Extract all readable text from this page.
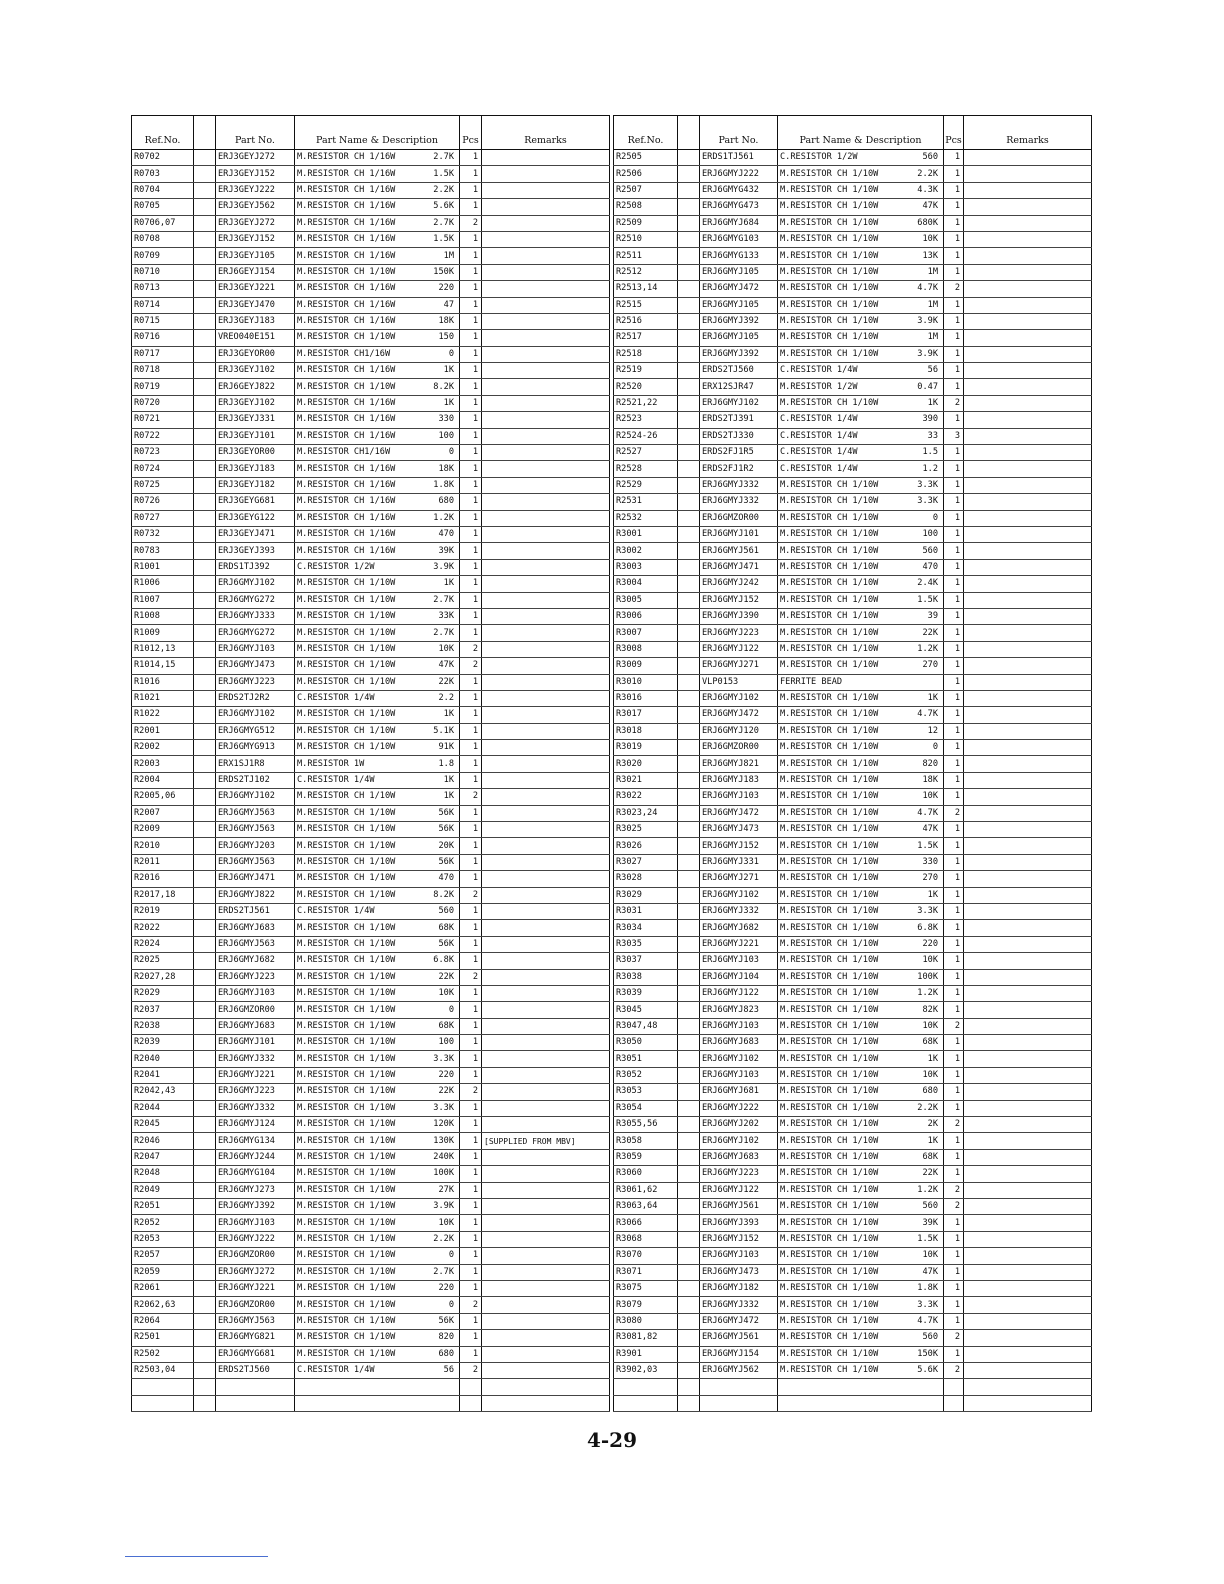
Ref.No.		Part No.	Part Name & Description	Pcs	Remarks
R0702		ERJ3GEYJ272	M.RESISTOR CH 1/16W 2.7K	1	
R0703		ERJ3GEYJ152	M.RESISTOR CH 1/16W 1.5K	1	
R0704		ERJ3GEYJ222	M.RESISTOR CH 1/16W 2.2K	1	
R0705		ERJ3GEYJ562	M.RESISTOR CH 1/16W 5.6K	1	
R0706,07		ERJ3GEYJ272	M.RESISTOR CH 1/16W 2.7K	2	
R0708		ERJ3GEYJ152	M.RESISTOR CH 1/16W 1.5K	1	
R0709		ERJ3GEYJ105	M.RESISTOR CH 1/16W 1M	1	
R0710		ERJ6GEYJ154	M.RESISTOR CH 1/10W 150K	1	
R0713		ERJ3GEYJ221	M.RESISTOR CH 1/16W 220	1	
R0714		ERJ3GEYJ470	M.RESISTOR CH 1/16W 47	1	
R0715		ERJ3GEYJ183	M.RESISTOR CH 1/16W 18K	1	
R0716		VREO040E151	M.RESISTOR CH 1/10W 150	1	
R0717		ERJ3GEYOR00	M.RESISTOR CH1/16W 0	1	
R0718		ERJ3GEYJ102	M.RESISTOR CH 1/16W 1K	1	
R0719		ERJ6GEYJ822	M.RESISTOR CH 1/10W 8.2K	1	
R0720		ERJ3GEYJ102	M.RESISTOR CH 1/16W 1K	1	
R0721		ERJ3GEYJ331	M.RESISTOR CH 1/16W 330	1	
R0722		ERJ3GEYJ101	M.RESISTOR CH 1/16W 100	1	
R0723		ERJ3GEYOR00	M.RESISTOR CH1/16W 0	1	
R0724		ERJ3GEYJ183	M.RESISTOR CH 1/16W 18K	1	
R0725		ERJ3GEYJ182	M.RESISTOR CH 1/16W 1.8K	1	
R0726		ERJ3GEYG681	M.RESISTOR CH 1/16W 680	1	
R0727		ERJ3GEYG122	M.RESISTOR CH 1/16W 1.2K	1	
R0732		ERJ3GEYJ471	M.RESISTOR CH 1/16W 470	1	
R0783		ERJ3GEYJ393	M.RESISTOR CH 1/16W 39K	1	
R1001		ERDS1TJ392	C.RESISTOR 1/2W 3.9K	1	
R1006		ERJ6GMYJ102	M.RESISTOR CH 1/10W 1K	1	
R1007		ERJ6GMYG272	M.RESISTOR CH 1/10W 2.7K	1	
R1008		ERJ6GMYJ333	M.RESISTOR CH 1/10W 33K	1	
R1009		ERJ6GMYG272	M.RESISTOR CH 1/10W 2.7K	1	
R1012,13		ERJ6GMYJ103	M.RESISTOR CH 1/10W 10K	2	
R1014,15		ERJ6GMYJ473	M.RESISTOR CH 1/10W 47K	2	
R1016		ERJ6GMYJ223	M.RESISTOR CH 1/10W 22K	1	
R1021		ERDS2TJ2R2	C.RESISTOR 1/4W 2.2	1	
R1022		ERJ6GMYJ102	M.RESISTOR CH 1/10W 1K	1	
R2001		ERJ6GMYG512	M.RESISTOR CH 1/10W 5.1K	1	
R2002		ERJ6GMYG913	M.RESISTOR CH 1/10W 91K	1	
R2003		ERX1SJ1R8	M.RESISTOR 1W 1.8	1	
R2004		ERDS2TJ102	C.RESISTOR 1/4W 1K	1	
R2005,06		ERJ6GMYJ102	M.RESISTOR CH 1/10W 1K	2	
R2007		ERJ6GMYJ563	M.RESISTOR CH 1/10W 56K	1	
R2009		ERJ6GMYJ563	M.RESISTOR CH 1/10W 56K	1	
R2010		ERJ6GMYJ203	M.RESISTOR CH 1/10W 20K	1	
R2011		ERJ6GMYJ563	M.RESISTOR CH 1/10W 56K	1	
R2016		ERJ6GMYJ471	M.RESISTOR CH 1/10W 470	1	
R2017,18		ERJ6GMYJ822	M.RESISTOR CH 1/10W 8.2K	2	
R2019		ERDS2TJ561	C.RESISTOR 1/4W 560	1	
R2022		ERJ6GMYJ683	M.RESISTOR CH 1/10W 68K	1	
R2024		ERJ6GMYJ563	M.RESISTOR CH 1/10W 56K	1	
R2025		ERJ6GMYJ682	M.RESISTOR CH 1/10W 6.8K	1	
R2027,28		ERJ6GMYJ223	M.RESISTOR CH 1/10W 22K	2	
R2029		ERJ6GMYJ103	M.RESISTOR CH 1/10W 10K	1	
R2037		ERJ6GMZOR00	M.RESISTOR CH 1/10W 0	1	
R2038		ERJ6GMYJ683	M.RESISTOR CH 1/10W 68K	1	
R2039		ERJ6GMYJ101	M.RESISTOR CH 1/10W 100	1	
R2040		ERJ6GMYJ332	M.RESISTOR CH 1/10W 3.3K	1	
R2041		ERJ6GMYJ221	M.RESISTOR CH 1/10W 220	1	
R2042,43		ERJ6GMYJ223	M.RESISTOR CH 1/10W 22K	2	
R2044		ERJ6GMYJ332	M.RESISTOR CH 1/10W 3.3K	1	
R2045		ERJ6GMYJ124	M.RESISTOR CH 1/10W 120K	1	
R2046		ERJ6GMYG134	M.RESISTOR CH 1/10W 130K	1	[SUPPLIED FROM MBV]
R2047		ERJ6GMYJ244	M.RESISTOR CH 1/10W 240K	1	
R2048		ERJ6GMYG104	M.RESISTOR CH 1/10W 100K	1	
R2049		ERJ6GMYJ273	M.RESISTOR CH 1/10W 27K	1	
R2051		ERJ6GMYJ392	M.RESISTOR CH 1/10W 3.9K	1	
R2052		ERJ6GMYJ103	M.RESISTOR CH 1/10W 10K	1	
R2053		ERJ6GMYJ222	M.RESISTOR CH 1/10W 2.2K	1	
R2057		ERJ6GMZOR00	M.RESISTOR CH 1/10W 0	1	
R2059		ERJ6GMYJ272	M.RESISTOR CH 1/10W 2.7K	1	
R2061		ERJ6GMYJ221	M.RESISTOR CH 1/10W 220	1	
R2062,63		ERJ6GMZOR00	M.RESISTOR CH 1/10W 0	2	
R2064		ERJ6GMYJ563	M.RESISTOR CH 1/10W 56K	1	
R2501		ERJ6GMYG821	M.RESISTOR CH 1/10W 820	1	
R2502		ERJ6GMYG681	M.RESISTOR CH 1/10W 680	1	
R2503,04		ERDS2TJ560	C.RESISTOR 1/4W 56	2	

Ref.No.		Part No.	Part Name & Description	Pcs	Remarks
R2505		ERDS1TJ561	C.RESISTOR 1/2W 560	1	
R2506		ERJ6GMYJ222	M.RESISTOR CH 1/10W 2.2K	1	
R2507		ERJ6GMYG432	M.RESISTOR CH 1/10W 4.3K	1	
R2508		ERJ6GMYG473	M.RESISTOR CH 1/10W 47K	1	
R2509		ERJ6GMYJ684	M.RESISTOR CH 1/10W 680K	1	
R2510		ERJ6GMYG103	M.RESISTOR CH 1/10W 10K	1	
R2511		ERJ6GMYG133	M.RESISTOR CH 1/10W 13K	1	
R2512		ERJ6GMYJ105	M.RESISTOR CH 1/10W 1M	1	
R2513,14		ERJ6GMYJ472	M.RESISTOR CH 1/10W 4.7K	2	
R2515		ERJ6GMYJ105	M.RESISTOR CH 1/10W 1M	1	
R2516		ERJ6GMYJ392	M.RESISTOR CH 1/10W 3.9K	1	
R2517		ERJ6GMYJ105	M.RESISTOR CH 1/10W 1M	1	
R2518		ERJ6GMYJ392	M.RESISTOR CH 1/10W 3.9K	1	
R2519		ERDS2TJ560	C.RESISTOR 1/4W 56	1	
R2520		ERX12SJR47	M.RESISTOR 1/2W 0.47	1	
R2521,22		ERJ6GMYJ102	M.RESISTOR CH 1/10W 1K	2	
R2523		ERDS2TJ391	C.RESISTOR 1/4W 390	1	
R2524-26		ERDS2TJ330	C.RESISTOR 1/4W 33	3	
R2527		ERDS2FJ1R5	C.RESISTOR 1/4W 1.5	1	
R2528		ERDS2FJ1R2	C.RESISTOR 1/4W 1.2	1	
R2529		ERJ6GMYJ332	M.RESISTOR CH 1/10W 3.3K	1	
R2531		ERJ6GMYJ332	M.RESISTOR CH 1/10W 3.3K	1	
R2532		ERJ6GMZOR00	M.RESISTOR CH 1/10W 0	1	
R3001		ERJ6GMYJ101	M.RESISTOR CH 1/10W 100	1	
R3002		ERJ6GMYJ561	M.RESISTOR CH 1/10W 560	1	
R3003		ERJ6GMYJ471	M.RESISTOR CH 1/10W 470	1	
R3004		ERJ6GMYJ242	M.RESISTOR CH 1/10W 2.4K	1	
R3005		ERJ6GMYJ152	M.RESISTOR CH 1/10W 1.5K	1	
R3006		ERJ6GMYJ390	M.RESISTOR CH 1/10W 39	1	
R3007		ERJ6GMYJ223	M.RESISTOR CH 1/10W 22K	1	
R3008		ERJ6GMYJ122	M.RESISTOR CH 1/10W 1.2K	1	
R3009		ERJ6GMYJ271	M.RESISTOR CH 1/10W 270	1	
R3010		VLP0153	FERRITE BEAD	1	
R3016		ERJ6GMYJ102	M.RESISTOR CH 1/10W 1K	1	
R3017		ERJ6GMYJ472	M.RESISTOR CH 1/10W 4.7K	1	
R3018		ERJ6GMYJ120	M.RESISTOR CH 1/10W 12	1	
R3019		ERJ6GMZOR00	M.RESISTOR CH 1/10W 0	1	
R3020		ERJ6GMYJ821	M.RESISTOR CH 1/10W 820	1	
R3021		ERJ6GMYJ183	M.RESISTOR CH 1/10W 18K	1	
R3022		ERJ6GMYJ103	M.RESISTOR CH 1/10W 10K	1	
R3023,24		ERJ6GMYJ472	M.RESISTOR CH 1/10W 4.7K	2	
R3025		ERJ6GMYJ473	M.RESISTOR CH 1/10W 47K	1	
R3026		ERJ6GMYJ152	M.RESISTOR CH 1/10W 1.5K	1	
R3027		ERJ6GMYJ331	M.RESISTOR CH 1/10W 330	1	
R3028		ERJ6GMYJ271	M.RESISTOR CH 1/10W 270	1	
R3029		ERJ6GMYJ102	M.RESISTOR CH 1/10W 1K	1	
R3031		ERJ6GMYJ332	M.RESISTOR CH 1/10W 3.3K	1	
R3034		ERJ6GMYJ682	M.RESISTOR CH 1/10W 6.8K	1	
R3035		ERJ6GMYJ221	M.RESISTOR CH 1/10W 220	1	
R3037		ERJ6GMYJ103	M.RESISTOR CH 1/10W 10K	1	
R3038		ERJ6GMYJ104	M.RESISTOR CH 1/10W 100K	1	
R3039		ERJ6GMYJ122	M.RESISTOR CH 1/10W 1.2K	1	
R3045		ERJ6GMYJ823	M.RESISTOR CH 1/10W 82K	1	
R3047,48		ERJ6GMYJ103	M.RESISTOR CH 1/10W 10K	2	
R3050		ERJ6GMYJ683	M.RESISTOR CH 1/10W 68K	1	
R3051		ERJ6GMYJ102	M.RESISTOR CH 1/10W 1K	1	
R3052		ERJ6GMYJ103	M.RESISTOR CH 1/10W 10K	1	
R3053		ERJ6GMYJ681	M.RESISTOR CH 1/10W 680	1	
R3054		ERJ6GMYJ222	M.RESISTOR CH 1/10W 2.2K	1	
R3055,56		ERJ6GMYJ202	M.RESISTOR CH 1/10W 2K	2	
R3058		ERJ6GMYJ102	M.RESISTOR CH 1/10W 1K	1	
R3059		ERJ6GMYJ683	M.RESISTOR CH 1/10W 68K	1	
R3060		ERJ6GMYJ223	M.RESISTOR CH 1/10W 22K	1	
R3061,62		ERJ6GMYJ122	M.RESISTOR CH 1/10W 1.2K	2	
R3063,64		ERJ6GMYJ561	M.RESISTOR CH 1/10W 560	2	
R3066		ERJ6GMYJ393	M.RESISTOR CH 1/10W 39K	1	
R3068		ERJ6GMYJ152	M.RESISTOR CH 1/10W 1.5K	1	
R3070		ERJ6GMYJ103	M.RESISTOR CH 1/10W 10K	1	
R3071		ERJ6GMYJ473	M.RESISTOR CH 1/10W 47K	1	
R3075		ERJ6GMYJ182	M.RESISTOR CH 1/10W 1.8K	1	
R3079		ERJ6GMYJ332	M.RESISTOR CH 1/10W 3.3K	1	
R3080		ERJ6GMYJ472	M.RESISTOR CH 1/10W 4.7K	1	
R3081,82		ERJ6GMYJ561	M.RESISTOR CH 1/10W 560	2	
R3901		ERJ6GMYJ154	M.RESISTOR CH 1/10W 150K	1	
R3902,03		ERJ6GMYJ562	M.RESISTOR CH 1/10W 5.6K	2	

4-29
